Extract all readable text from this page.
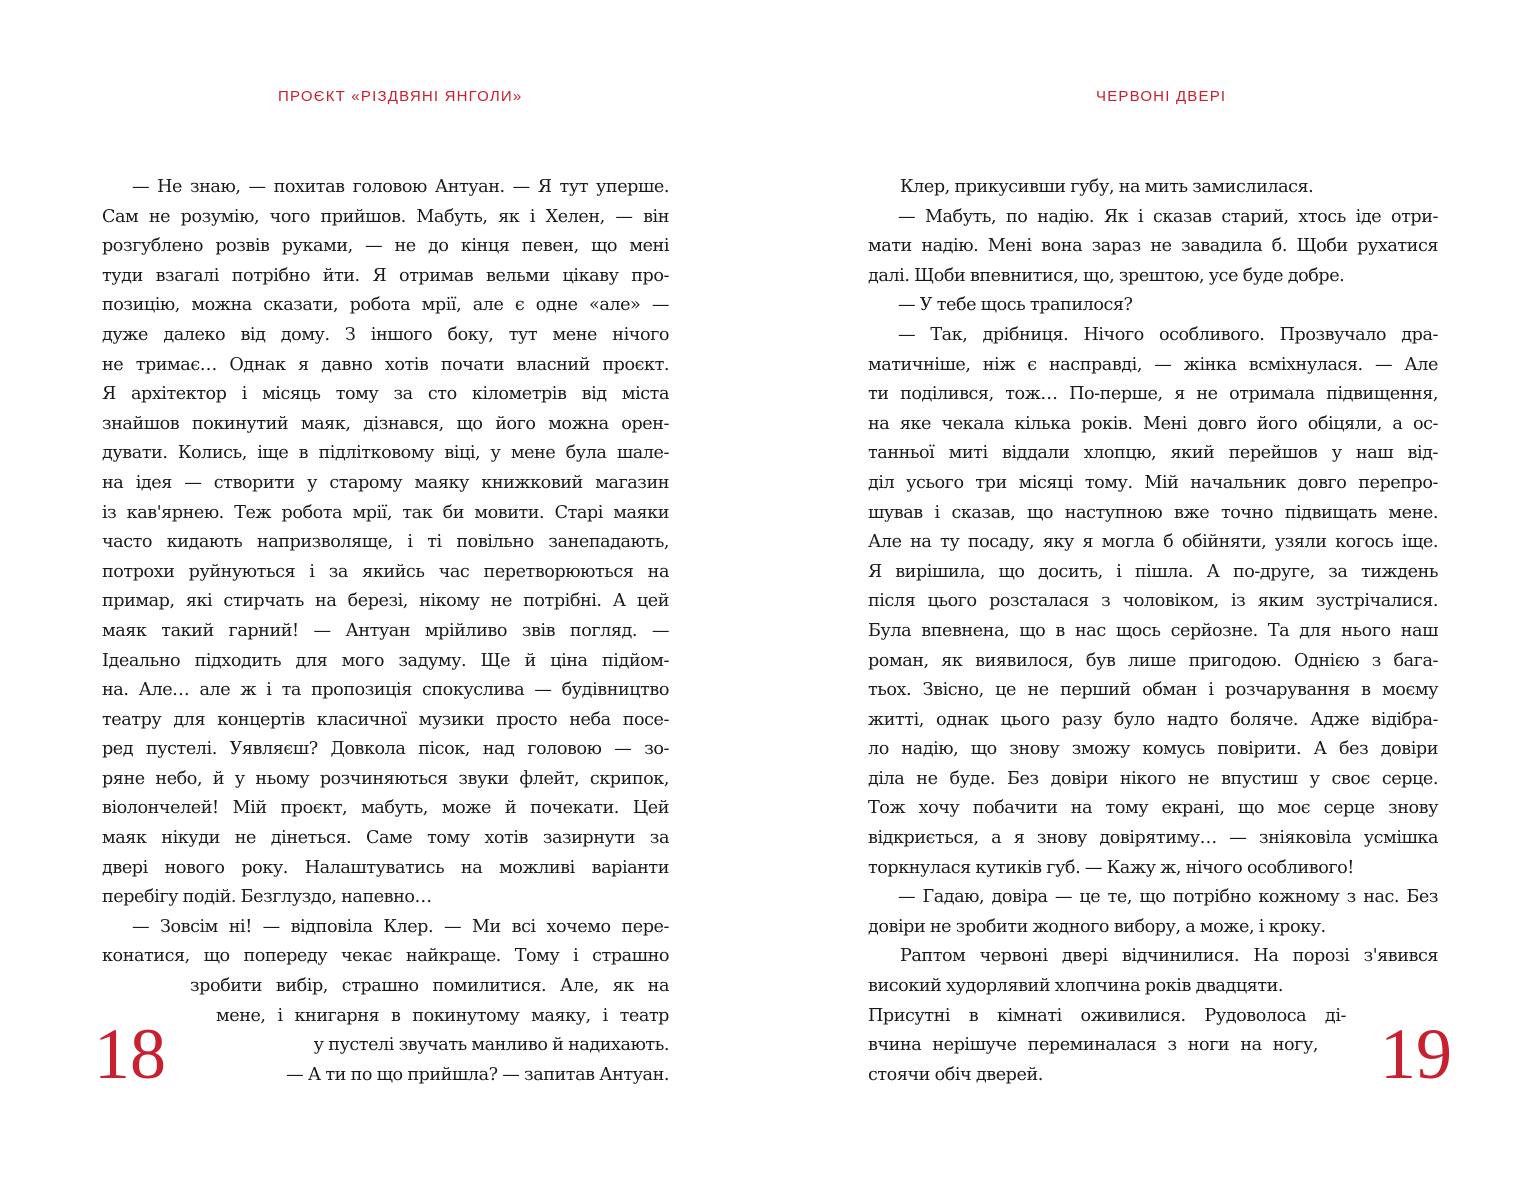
ПРОЄКТ «РІЗДВЯНІ ЯНГОЛИ»
— Не знаю, — похитав головою Антуан. — Я тут уперше.
Сам не розумію, чого прийшов. Мабуть, як і Хелен, — він
розгублено розвів руками, — не до кінця певен, що мені
туди взагалі потрібно йти. Я отримав вельми цікаву про-
позицію, можна сказати, робота мрії, але є одне «але» —
дуже далеко від дому. З іншого боку, тут мене нічого
не тримає… Однак я давно хотів почати власний проєкт.
Я архітектор і місяць тому за сто кілометрів від міста
знайшов покинутий маяк, дізнався, що його можна орен-
дувати. Колись, іще в підлітковому віці, у мене була шале-
на ідея — створити у старому маяку книжковий магазин
із кав'ярнею. Теж робота мрії, так би мовити. Старі маяки
часто кидають напризволяще, і ті повільно занепадають,
потрохи руйнуються і за якийсь час перетворюються на
примар, які стирчать на березі, нікому не потрібні. А цей
маяк такий гарний! — Антуан мрійливо звів погляд. —
Ідеально підходить для мого задуму. Ще й ціна підйом-
на. Але… але ж і та пропозиція спокуслива — будівництво
театру для концертів класичної музики просто неба посе-
ред пустелі. Уявляєш? Довкола пісок, над головою — зо-
ряне небо, й у ньому розчиняються звуки флейт, скрипок,
віолончелей! Мій проєкт, мабуть, може й почекати. Цей
маяк нікуди не дінеться. Саме тому хотів зазирнути за
двері нового року. Налаштуватись на можливі варіанти
перебігу подій. Безглуздо, напевно…
— Зовсім ні! — відповіла Клер. — Ми всі хочемо пере-
конатися, що попереду чекає найкраще. Тому і страшно
зробити вибір, страшно помилитися. Але, як на
мене, і книгарня в покинутому маяку, і театр
у пустелі звучать манливо й надихають.
— А ти по що прийшла? — запитав Антуан.
18
ЧЕРВОНІ ДВЕРІ
Клер, прикусивши губу, на мить замислилася.
— Мабуть, по надію. Як і сказав старий, хтось іде отри-
мати надію. Мені вона зараз не завадила б. Щоби рухатися
далі. Щоби впевнитися, що, зрештою, усе буде добре.
— У тебе щось трапилося?
— Так, дрібниця. Нічого особливого. Прозвучало дра-
матичніше, ніж є насправді, — жінка всміхнулася. — Але
ти поділився, тож… По-перше, я не отримала підвищення,
на яке чекала кілька років. Мені довго його обіцяли, а ос-
танньої миті віддали хлопцю, який перейшов у наш від-
діл усього три місяці тому. Мій начальник довго перепро-
шував і сказав, що наступною вже точно підвищать мене.
Але на ту посаду, яку я могла б обійняти, узяли когось іще.
Я вирішила, що досить, і пішла. А по-друге, за тиждень
після цього розсталася з чоловіком, із яким зустрічалися.
Була впевнена, що в нас щось серйозне. Та для нього наш
роман, як виявилося, був лише пригодою. Однією з бага-
тьох. Звісно, це не перший обман і розчарування в моєму
житті, однак цього разу було надто боляче. Адже відібра-
ло надію, що знову зможу комусь повірити. А без довіри
діла не буде. Без довіри нікого не впустиш у своє серце.
Тож хочу побачити на тому екрані, що моє серце знову
відкриється, а я знову довірятиму… — зніяковіла усмішка
торкнулася кутиків губ. — Кажу ж, нічого особливого!
— Гадаю, довіра — це те, що потрібно кожному з нас. Без
довіри не зробити жодного вибору, а може, і кроку.
Раптом червоні двері відчинилися. На порозі з'явився
високий худорлявий хлопчина років двадцяти.
Присутні в кімнаті оживилися. Рудоволоса ді-
вчина нерішуче переминалася з ноги на ногу,
стоячи обіч дверей.	19
